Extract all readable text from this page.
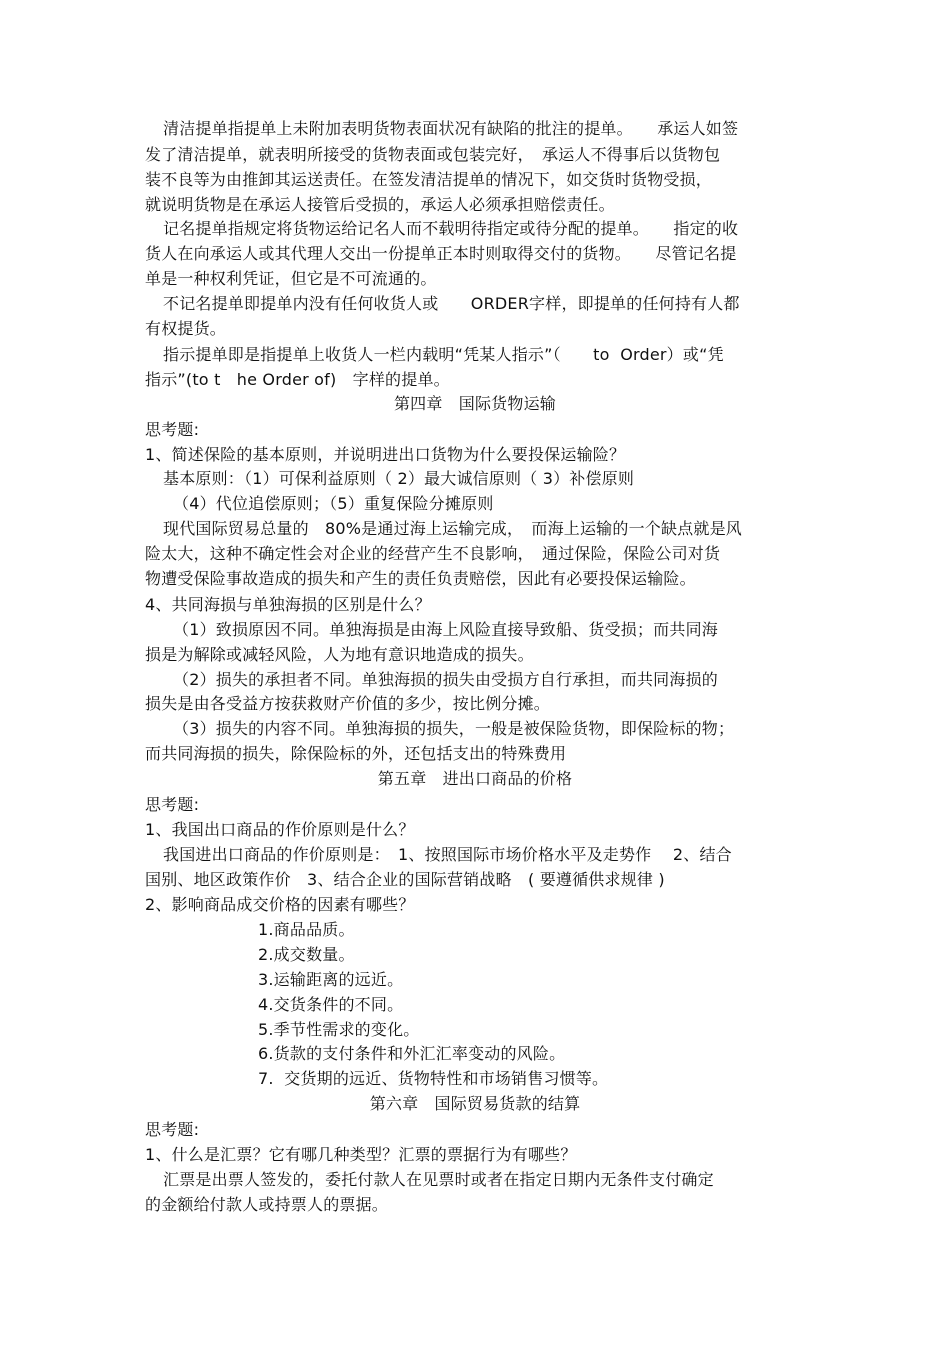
清洁提单指提单上未附加表明货物表面状况有缺陷的批注的提单。　　承运人如签
发了清洁提单，就表明所接受的货物表面或包装完好，　承运人不得事后以货物包
装不良等为由推卸其运送责任。在签发清洁提单的情况下，如交货时货物受损，
就说明货物是在承运人接管后受损的，承运人必须承担赔偿责任。
记名提单指规定将货物运给记名人而不载明待指定或待分配的提单。　　指定的收
货人在向承运人或其代理人交出一份提单正本时则取得交付的货物。　　尽管记名提
单是一种权利凭证，但它是不可流通的。
不记名提单即提单内没有任何收货人或　　ORDER字样，即提单的任何持有人都
有权提货。
指示提单即是指提单上收货人一栏内载明“凭某人指示”（　　to  Order）或“凭
指示”(to t　he Order of)　字样的提单。
第四章　国际货物运输
思考题:
1、简述保险的基本原则，并说明进出口货物为什么要投保运输险？
基本原则：（1）可保利益原则（ 2）最大诚信原则（ 3）补偿原则
（4）代位追偿原则；（5）重复保险分摊原则
现代国际贸易总量的　80%是通过海上运输完成，　而海上运输的一个缺点就是风
险太大，这种不确定性会对企业的经营产生不良影响，　通过保险，保险公司对货
物遭受保险事故造成的损失和产生的责任负责赔偿，因此有必要投保运输险。
4、共同海损与单独海损的区别是什么？
（1）致损原因不同。单独海损是由海上风险直接导致船、货受损；而共同海
损是为解除或减轻风险，人为地有意识地造成的损失。
（2）损失的承担者不同。单独海损的损失由受损方自行承担，而共同海损的
损失是由各受益方按获救财产价值的多少，按比例分摊。
（3）损失的内容不同。单独海损的损失，一般是被保险货物，即保险标的物；
而共同海损的损失，除保险标的外，还包括支出的特殊费用
第五章　进出口商品的价格
思考题:
1、我国出口商品的作价原则是什么？
我国进出口商品的作价原则是：　1、按照国际市场价格水平及走势作　 2、结合
国别、地区政策作价　3、结合企业的国际营销战略　( 要遵循供求规律 )
2、影响商品成交价格的因素有哪些？
1.商品品质。
2.成交数量。
3.运输距离的远近。
4.交货条件的不同。
5.季节性需求的变化。
6.货款的支付条件和外汇汇率变动的风险。
7.  交货期的远近、货物特性和市场销售习惯等。
第六章　国际贸易货款的结算
思考题:
1、什么是汇票？它有哪几种类型？汇票的票据行为有哪些？
汇票是出票人签发的，委托付款人在见票时或者在指定日期内无条件支付确定
的金额给付款人或持票人的票据。
